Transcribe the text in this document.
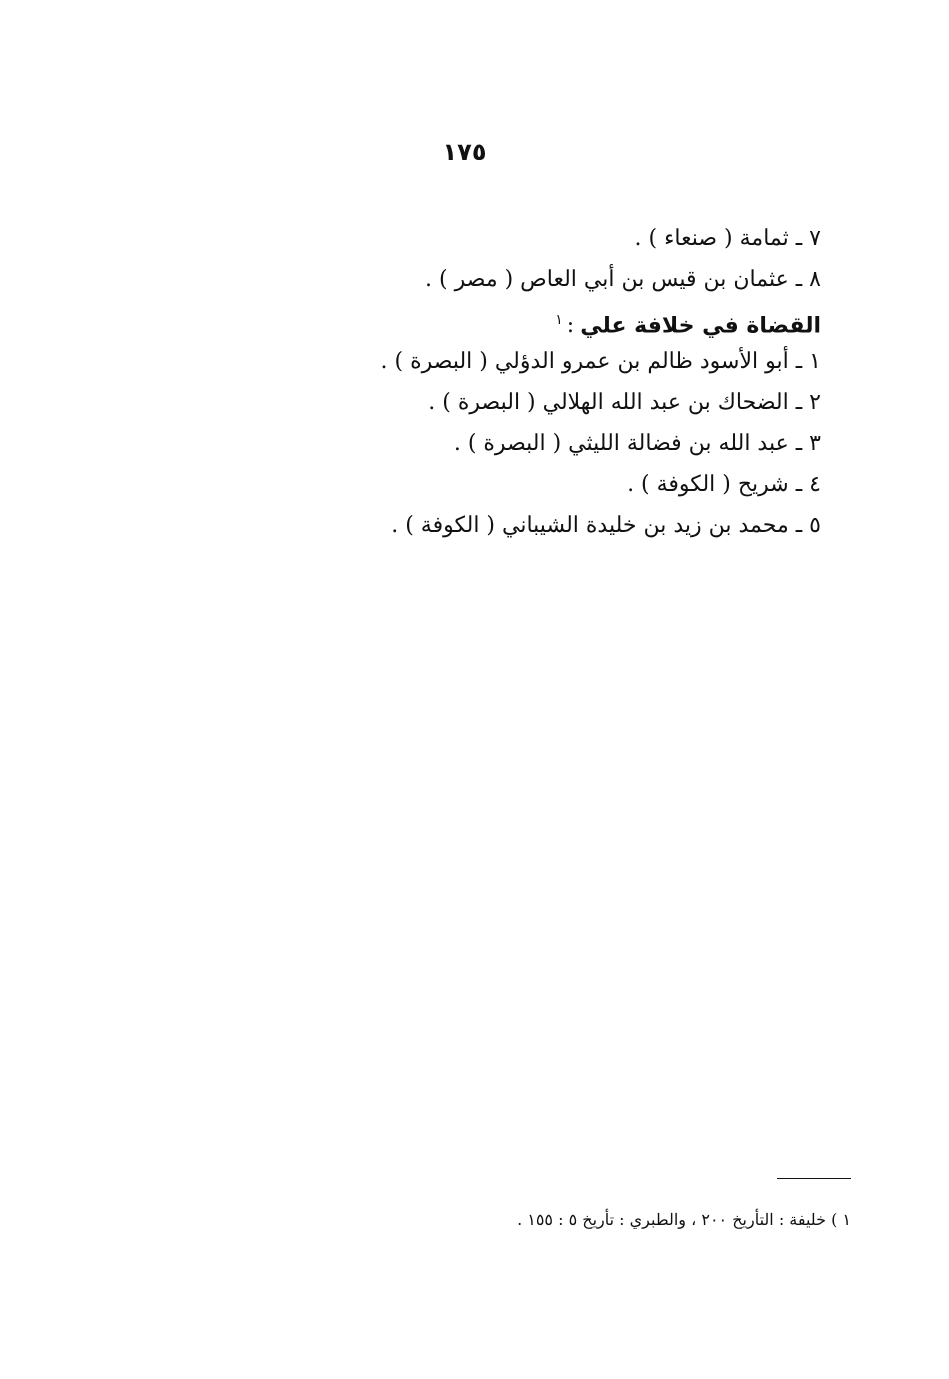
١٧٥
٧ ـ ثمامة ( صنعاء ) .
٨ ـ عثمان بن قيس بن أبي العاص ( مصر ) .
القضاة في خلافة علي:$^١$
١ ـ أبو الأسود ظالم بن عمرو الدؤلي ( البصرة ) .
٢ ـ الضحاك بن عبد الله الهلالي ( البصرة ) .
٣ ـ عبد الله بن فضالة الليثي ( البصرة ) .
٤ ـ شريح ( الكوفة ) .
٥ ـ محمد بن زيد بن خليدة الشيباني ( الكوفة ) .
١ ) خليفة : التأريخ ٢٠٠ ، والطبري : تأريخ ٥ : ١٥٥ .
